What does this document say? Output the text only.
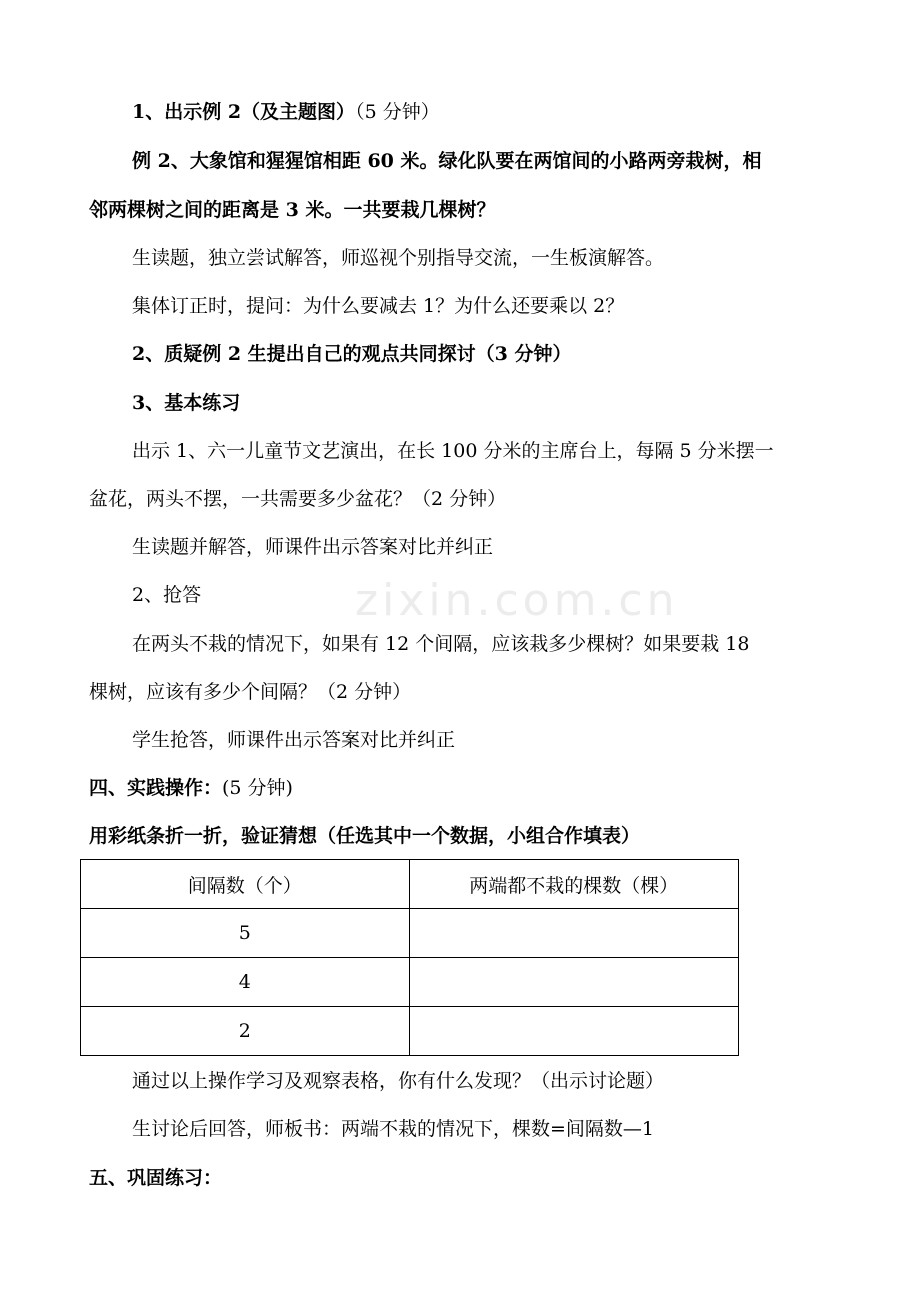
zixin.com.cn
1、出示例 2（及主题图）（5 分钟）
例 2、大象馆和猩猩馆相距 60 米。绿化队要在两馆间的小路两旁栽树，相
邻两棵树之间的距离是 3 米。一共要栽几棵树？
生读题，独立尝试解答，师巡视个别指导交流，一生板演解答。
集体订正时，提问：为什么要减去 1？为什么还要乘以 2？
2、质疑例 2 生提出自己的观点共同探讨（3 分钟）
3、基本练习
出示 1、六一儿童节文艺演出，在长 100 分米的主席台上，每隔 5 分米摆一
盆花，两头不摆，一共需要多少盆花？（2 分钟）
生读题并解答，师课件出示答案对比并纠正
2、抢答
在两头不栽的情况下，如果有 12 个间隔，应该栽多少棵树？如果要栽 18
棵树，应该有多少个间隔？（2 分钟）
学生抢答，师课件出示答案对比并纠正
四、实践操作：(5 分钟)
用彩纸条折一折，验证猜想（任选其中一个数据，小组合作填表）
间隔数（个）	两端都不栽的棵数（棵）
5	
4	
2	
通过以上操作学习及观察表格，你有什么发现？（出示讨论题）
生讨论后回答，师板书：两端不栽的情况下，棵数=间隔数—1
五、巩固练习：
